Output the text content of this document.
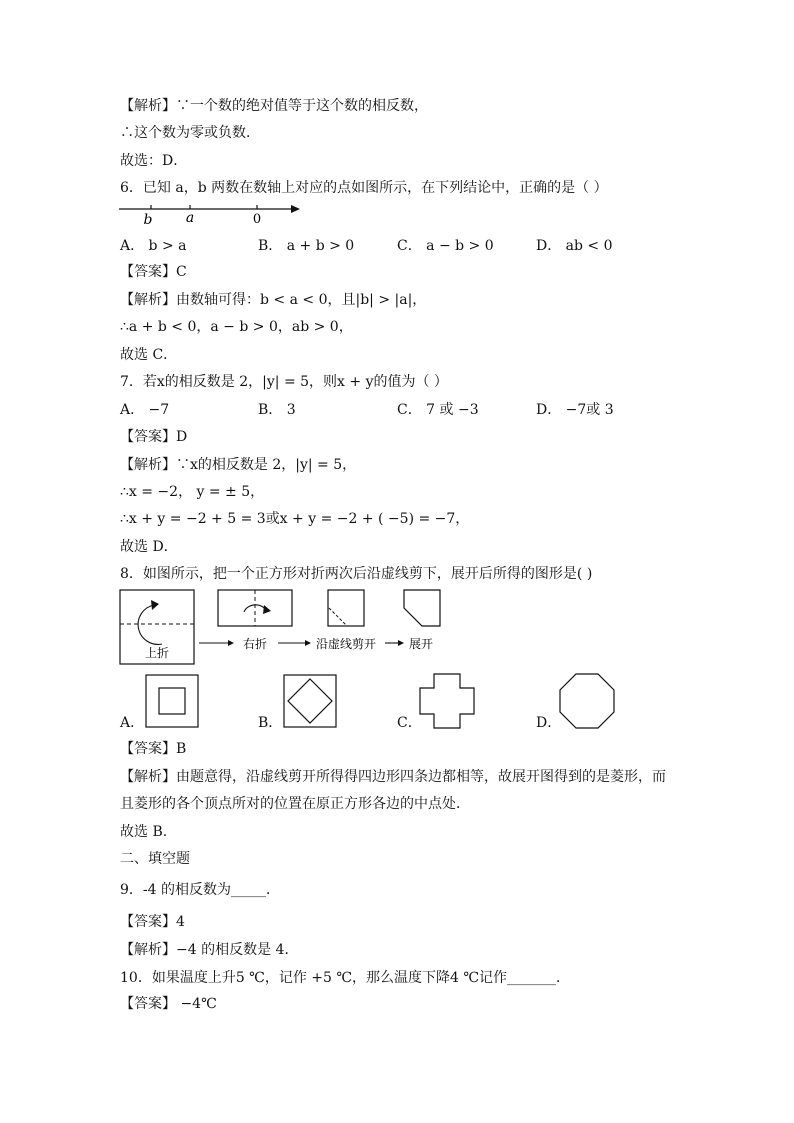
【解析】∵一个数的绝对值等于这个数的相反数，
∴这个数为零或负数．
故选：D．
6．已知 a，b 两数在数轴上对应的点如图所示，在下列结论中，正确的是（ ）
b a	0
A． b > a	B． a + b > 0	C． a − b > 0	D． ab < 0
【答案】C
【解析】由数轴可得：b < a < 0，且|b| > |a|，
∴a + b < 0，a − b > 0，ab > 0，
故选 C．
7．若x的相反数是 2，|y| = 5，则x + y的值为（ ）
A． −7	B． 3	C． 7 或 −3	D． −7或 3
【答案】D
【解析】∵x的相反数是 2，|y| = 5，
∴x = −2， y = ± 5，
∴x + y = −2 + 5 = 3或x + y = −2 + ( −5) = −7，
故选 D．
8．如图所示，把一个正方形对折两次后沿虚线剪下，展开后所得的图形是( )
上折
右折	沿虚线剪开	展开
A．	B．	C．	D．
【答案】B
【解析】由题意得，沿虚线剪开所得得四边形四条边都相等，故展开图得到的是菱形，而
且菱形的各个顶点所对的位置在原正方形各边的中点处．
故选 B.
二、填空题
9．-4 的相反数为_____．
【答案】4
【解析】−4 的相反数是 4．
10．如果温度上升5 ℃，记作 +5 ℃，那么温度下降4 ℃记作_______．
【答案】 −4℃
